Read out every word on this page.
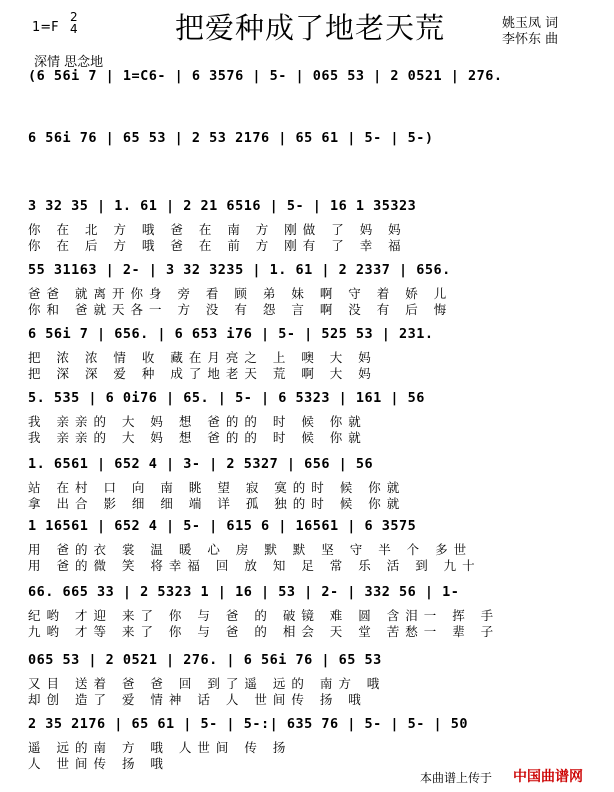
把爱种成了地老天荒
1=F
2
4	姚玉凤 词
李怀东 曲
深情 思念地
(6 56i 7 | 1=C6- | 6 3576 | 5- | 065 53 | 2 0521 | 276.
6 56i 76 | 65 53 | 2 53 2176 | 65 61 | 5- | 5-)
3 32 35 | 1. 61 | 2 21 6516 | 5- | 16 1 35323
你 在 北 方 哦 爸 在 南 方 刚做 了 妈 妈
你 在 后 方 哦 爸 在 前 方 刚有 了 幸 福
55 31163 | 2- | 3 32 3235 | 1. 61 | 2 2337 | 656.
爸爸 就离开你身 旁 看 顾 弟 妹 啊 守 着 娇 儿
你和 爸就天各一 方 没 有 怨 言 啊 没 有 后 悔
6 56i 7 | 656. | 6 653 i76 | 5- | 525 53 | 231.
把 浓 浓 情 收 藏在月亮之 上 噢 大 妈
把 深 深 爱 种 成了地老天 荒 啊 大 妈
5. 535 | 6 0i76 | 65. | 5- | 6 5323 | 161 | 56
我 亲亲的 大 妈 想 爸的的 时 候 你就
我 亲亲的 大 妈 想 爸的的 时 候 你就
1. 6561 | 652 4 | 3- | 2 5327 | 656 | 56
站 在村 口 向 南 眺 望 寂 寞的时 候 你就
拿 出合 影 细 细 端 详 孤 独的时 候 你就
1 16561 | 652 4 | 5- | 615 6 | 16561 | 6 3575
用 爸的衣 裳 温 暖 心 房 默 默 坚 守 半 个 多世
用 爸的微 笑 将幸福 回 放 知 足 常 乐 活 到 九十
66. 665 33 | 2 5323 1 | 16 | 53 | 2- | 332 56 | 1-
纪哟 才迎 来了 你 与 爸 的 破镜 难 圆 含泪一 挥 手
九哟 才等 来了 你 与 爸 的 相会 天 堂 苦愁一 辈 子
065 53 | 2 0521 | 276. | 6 56i 76 | 65 53
又目 送着 爸 爸 回 到了遥 远的 南方 哦
却创 造了 爱 情神 话 人 世间传 扬 哦
2 35 2176 | 65 61 | 5- | 5-:| 635 76 | 5- | 5- | 50
遥 远的南 方 哦 人世间 传 扬
人 世间传 扬 哦
本曲谱上传于 中国曲谱网
